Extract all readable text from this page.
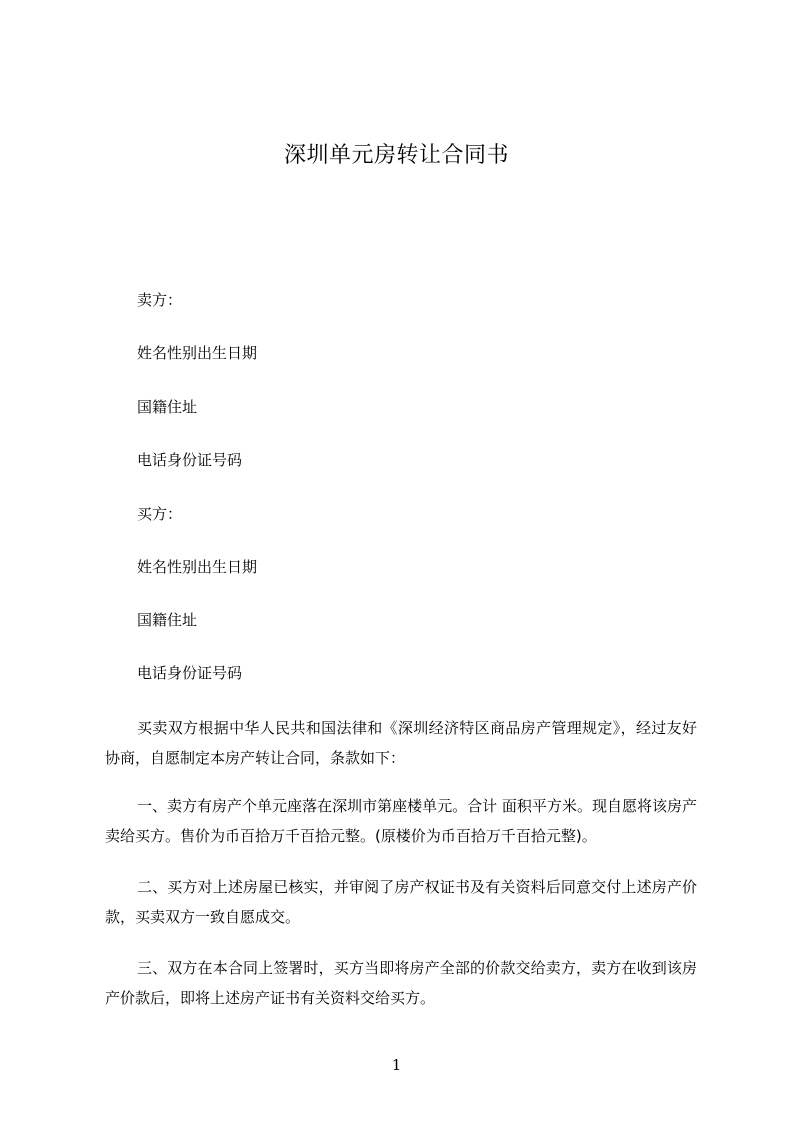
深圳单元房转让合同书
卖方：
姓名性别出生日期
国籍住址
电话身份证号码
买方：
姓名性别出生日期
国籍住址
电话身份证号码
买卖双方根据中华人民共和国法律和《深圳经济特区商品房产管理规定》，经过友好协商，自愿制定本房产转让合同，条款如下：
一、卖方有房产个单元座落在深圳市第座楼单元。合计 面积平方米。现自愿将该房产卖给买方。售价为币百拾万千百拾元整。(原楼价为币百拾万千百拾元整)。
二、买方对上述房屋已核实，并审阅了房产权证书及有关资料后同意交付上述房产价款，买卖双方一致自愿成交。
三、双方在本合同上签署时，买方当即将房产全部的价款交给卖方，卖方在收到该房产价款后，即将上述房产证书有关资料交给买方。
1
